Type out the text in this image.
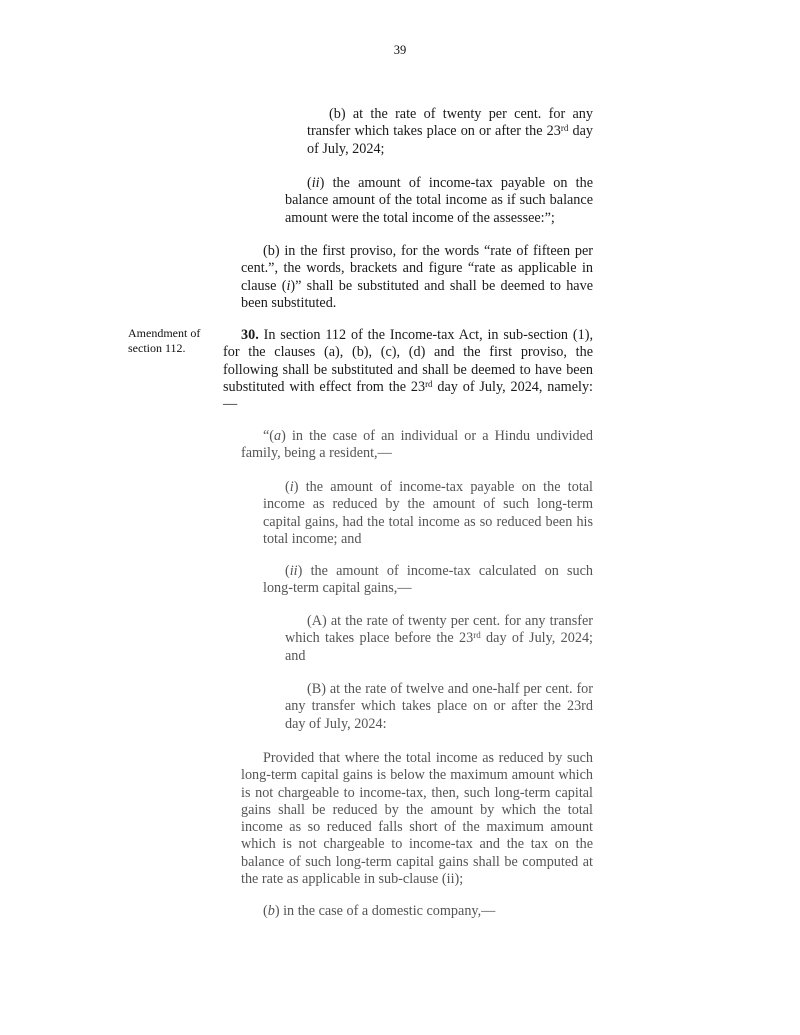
39
(b) at the rate of twenty per cent. for any transfer which takes place on or after the 23rd day of July, 2024;
(ii) the amount of income-tax payable on the balance amount of the total income as if such balance amount were the total income of the assessee:”;
(b) in the first proviso, for the words “rate of fifteen per cent.”, the words, brackets and figure “rate as applicable in clause (i)” shall be substituted and shall be deemed to have been substituted.
Amendment of section 112.
30. In section 112 of the Income-tax Act, in sub-section (1), for the clauses (a), (b), (c), (d) and the first proviso, the following shall be substituted and shall be deemed to have been substituted with effect from the 23rd day of July, 2024, namely:—
“(a) in the case of an individual or a Hindu undivided family, being a resident,—
(i) the amount of income-tax payable on the total income as reduced by the amount of such long-term capital gains, had the total income as so reduced been his total income; and
(ii) the amount of income-tax calculated on such long-term capital gains,—
(A) at the rate of twenty per cent. for any transfer which takes place before the 23rd day of July, 2024; and
(B) at the rate of twelve and one-half per cent. for any transfer which takes place on or after the 23rd day of July, 2024:
Provided that where the total income as reduced by such long-term capital gains is below the maximum amount which is not chargeable to income-tax, then, such long-term capital gains shall be reduced by the amount by which the total income as so reduced falls short of the maximum amount which is not chargeable to income-tax and the tax on the balance of such long-term capital gains shall be computed at the rate as applicable in sub-clause (ii);
(b) in the case of a domestic company,—
